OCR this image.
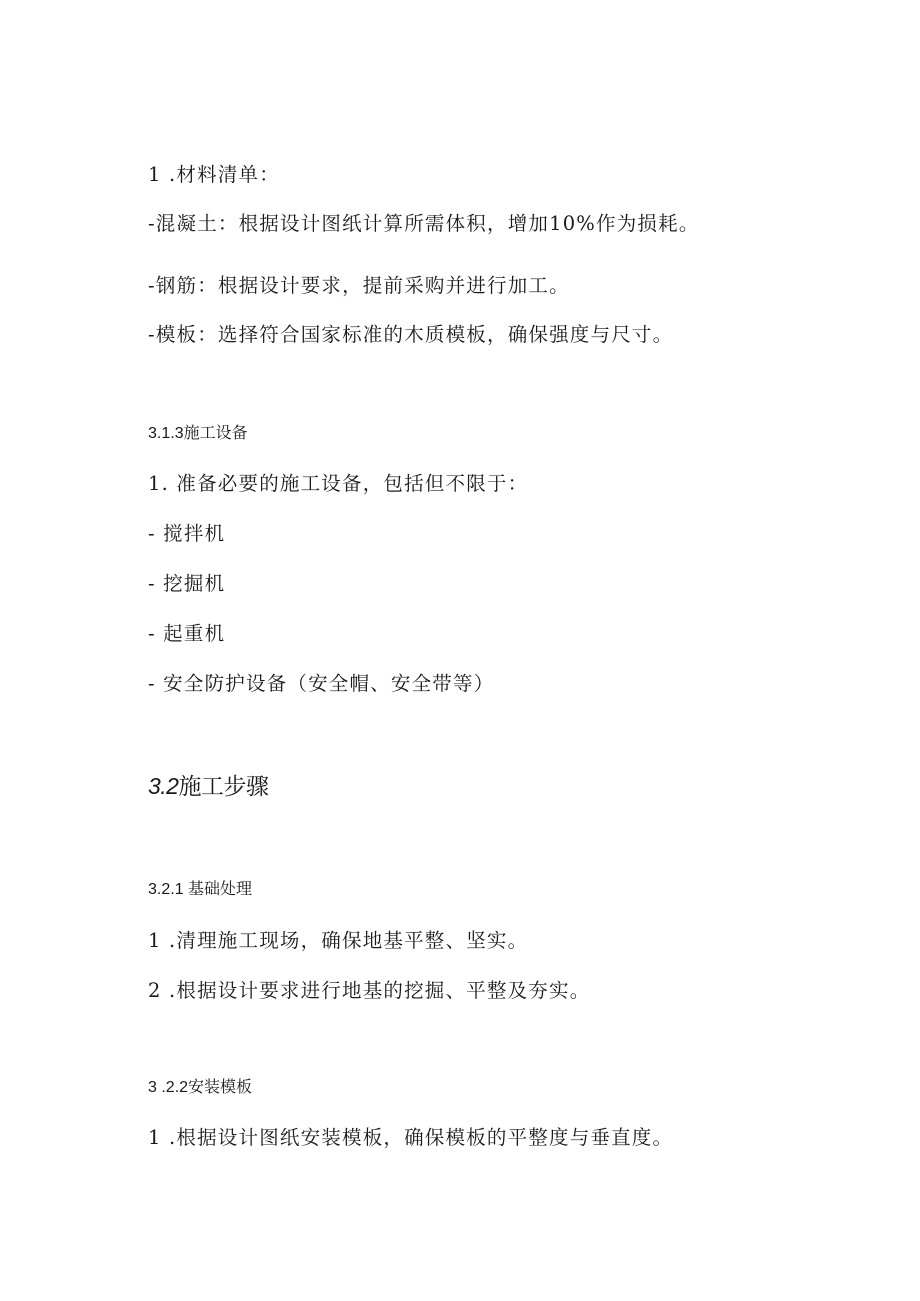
1 .材料清单：
-混凝土：根据设计图纸计算所需体积，增加10%作为损耗。
-钢筋：根据设计要求，提前采购并进行加工。
-模板：选择符合国家标准的木质模板，确保强度与尺寸。
3.1.3施工设备
1. 准备必要的施工设备，包括但不限于：
- 搅拌机
- 挖掘机
- 起重机
- 安全防护设备（安全帽、安全带等）
3.2施工步骤
3.2.1 基础处理
1 .清理施工现场，确保地基平整、坚实。
2 .根据设计要求进行地基的挖掘、平整及夯实。
3 .2.2安装模板
1 .根据设计图纸安装模板，确保模板的平整度与垂直度。
